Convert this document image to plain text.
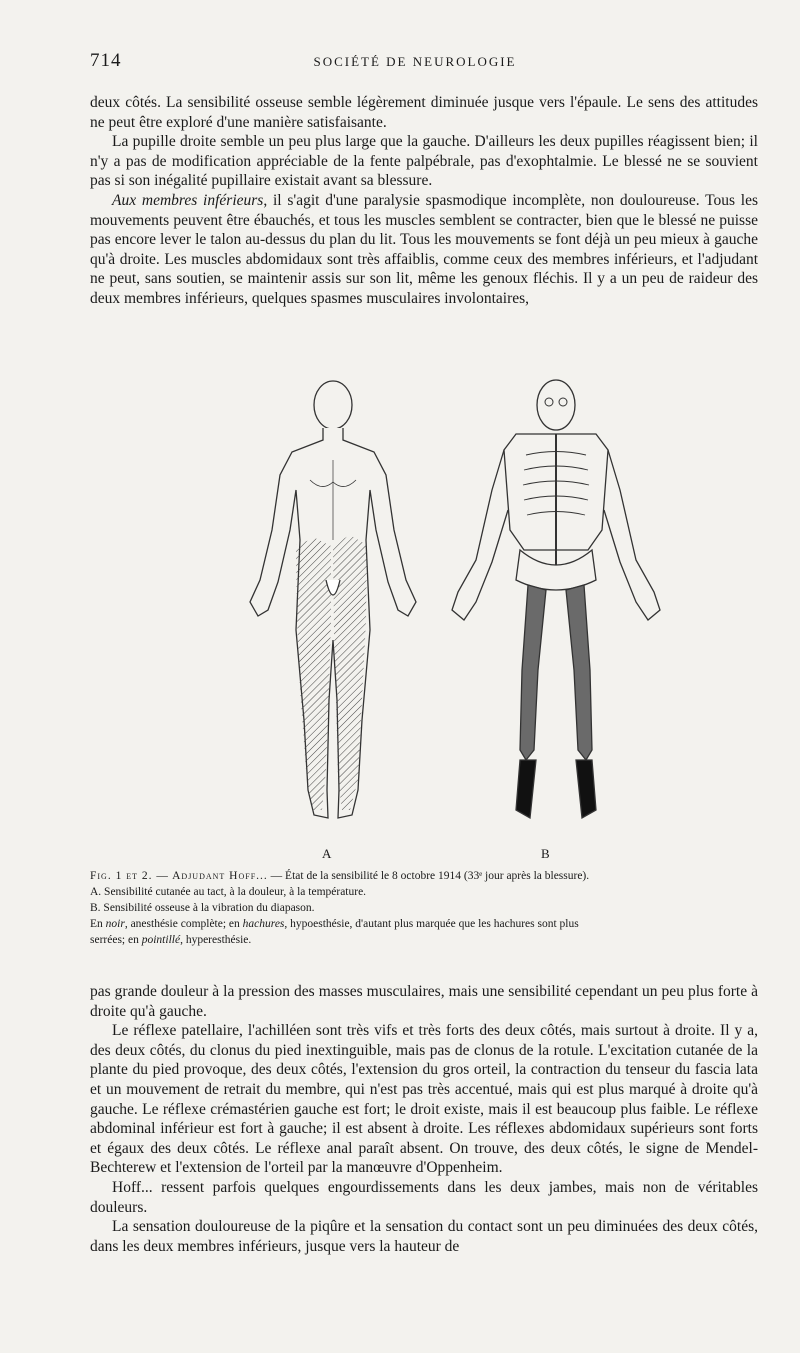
714	SOCIÉTÉ DE NEUROLOGIE

deux côtés. La sensibilité osseuse semble légèrement diminuée jusque vers l'épaule. Le sens des attitudes ne peut être exploré d'une manière satisfaisante.

La pupille droite semble un peu plus large que la gauche. D'ailleurs les deux pupilles réagissent bien; il n'y a pas de modification appréciable de la fente palpébrale, pas d'exophtalmie. Le blessé ne se souvient pas si son inégalité pupillaire existait avant sa blessure.

Aux membres inférieurs, il s'agit d'une paralysie spasmodique incomplète, non douloureuse. Tous les mouvements peuvent être ébauchés, et tous les muscles semblent se contracter, bien que le blessé ne puisse pas encore lever le talon au-dessus du plan du lit. Tous les mouvements se font déjà un peu mieux à gauche qu'à droite. Les muscles abdomidaux sont très affaiblis, comme ceux des membres inférieurs, et l'adjudant ne peut, sans soutien, se maintenir assis sur son lit, même les genoux fléchis. Il y a un peu de raideur des deux membres inférieurs, quelques spasmes musculaires involontaires,

A	B
Fig. 1 et 2. — Adjudant Hoff... — État de la sensibilité le 8 octobre 1914 (33ᵉ jour après la blessure).
A. Sensibilité cutanée au tact, à la douleur, à la température.
B. Sensibilité osseuse à la vibration du diapason.
En noir, anesthésie complète; en hachures, hypoesthésie, d'autant plus marquée que les hachures sont plus
serrées; en pointillé, hyperesthésie.

pas grande douleur à la pression des masses musculaires, mais une sensibilité cependant un peu plus forte à droite qu'à gauche.

Le réflexe patellaire, l'achilléen sont très vifs et très forts des deux côtés, mais surtout à droite. Il y a, des deux côtés, du clonus du pied inextinguible, mais pas de clonus de la rotule. L'excitation cutanée de la plante du pied provoque, des deux côtés, l'extension du gros orteil, la contraction du tenseur du fascia lata et un mouvement de retrait du membre, qui n'est pas très accentué, mais qui est plus marqué à droite qu'à gauche. Le réflexe crémastérien gauche est fort; le droit existe, mais il est beaucoup plus faible. Le réflexe abdominal inférieur est fort à gauche; il est absent à droite. Les réflexes abdomidaux supérieurs sont forts et égaux des deux côtés. Le réflexe anal paraît absent. On trouve, des deux côtés, le signe de Mendel-Bechterew et l'extension de l'orteil par la manœuvre d'Oppenheim.

Hoff... ressent parfois quelques engourdissements dans les deux jambes, mais non de véritables douleurs.

La sensation douloureuse de la piqûre et la sensation du contact sont un peu diminuées des deux côtés, dans les deux membres inférieurs, jusque vers la hauteur de
